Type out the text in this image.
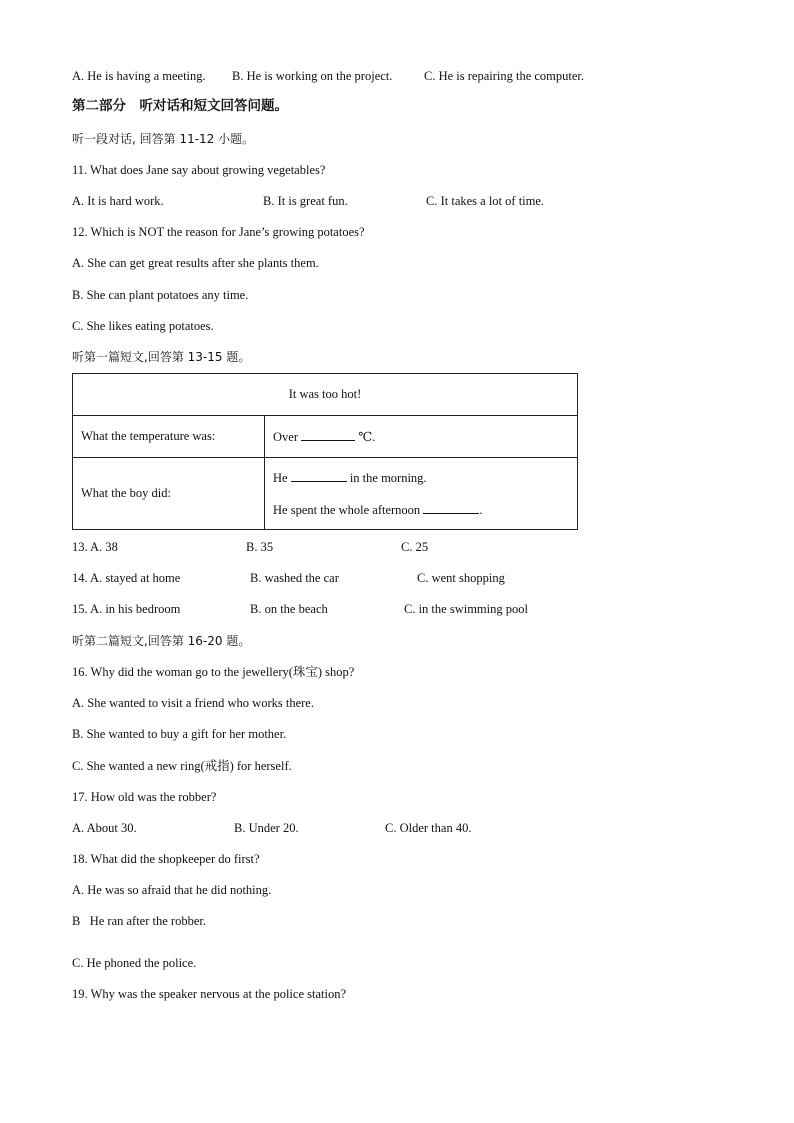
A. He is having a meeting.

B. He is working on the project.

	C. He is repairing the computer.

第二部分　听对话和短文回答问题。
听一段对话, 回答第 11-12 小题。
11. What does Jane say about growing vegetables?

A. It is hard work.

	B. It is great fun.

	C. It takes a lot of time.

12. Which is NOT the reason for Jane’s growing potatoes?
A. She can get great results after she plants them.
B. She can plant potatoes any time.
C. She likes eating potatoes.
听第一篇短文,回答第 13-15 题。
It was too hot!	
What the temperature was:	Over ℃.
What the boy did:	He in the morning.
He spent the whole afternoon .

13. A. 38

	B. 35

	C. 25

14. A. stayed at home

	B. washed the car

	C. went shopping

15. A. in his bedroom

	B. on the beach

	C. in the swimming pool

听第二篇短文,回答第 16-20 题。
16. Why did the woman go to the jewellery(珠宝) shop?
A. She wanted to visit a friend who works there.
B. She wanted to buy a gift for her mother.
C. She wanted a new ring(戒指) for herself.
17. How old was the robber?

A. About 30.

	B. Under 20.

	C. Older than 40.

18. What did the shopkeeper do first?
A. He was so afraid that he did nothing.
B   He ran after the robber.
C. He phoned the police.
19. Why was the speaker nervous at the police station?
